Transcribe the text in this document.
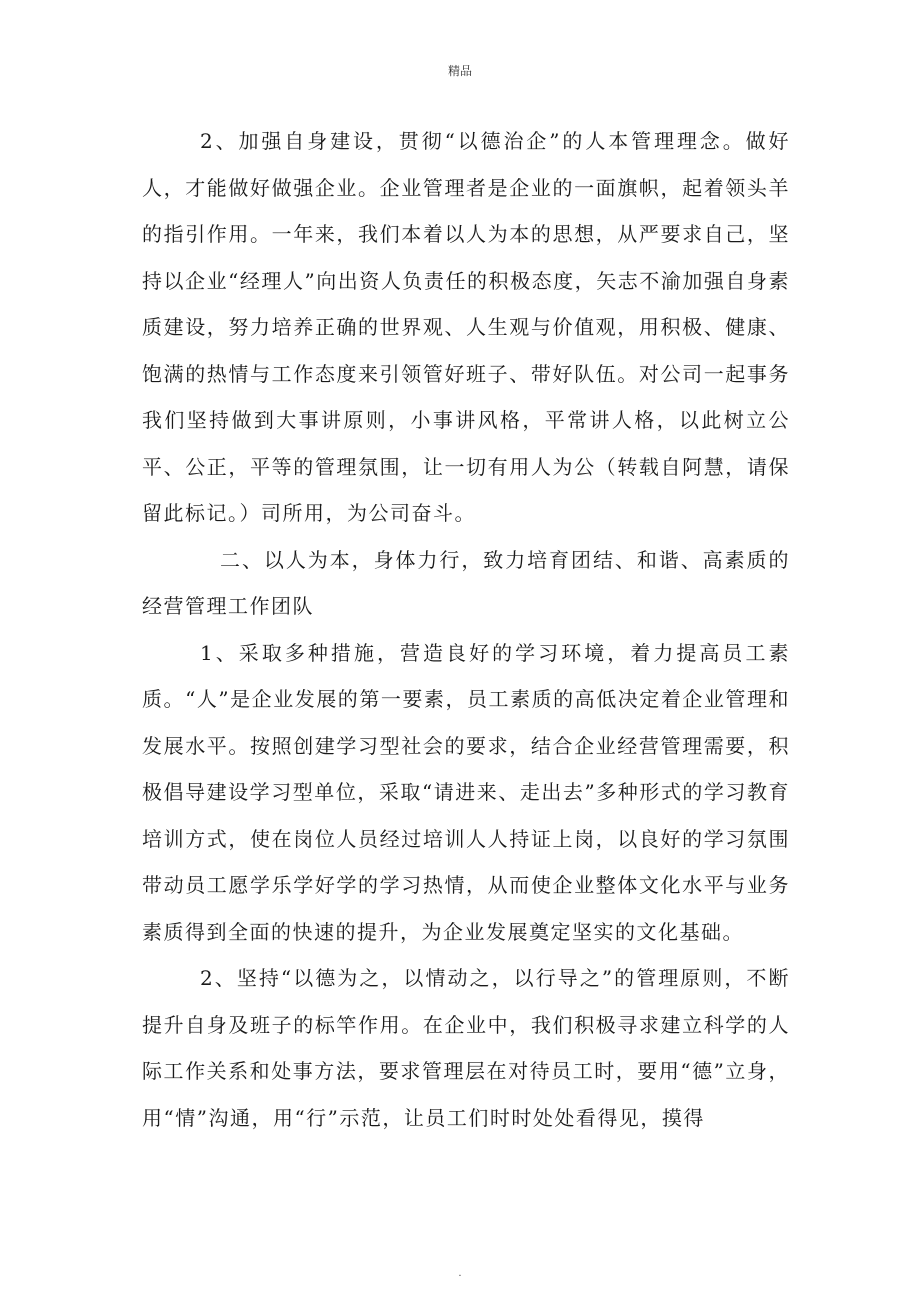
精品

2、加强自身建设，贯彻“以德治企”的人本管理理念。做好人，才能做好做强企业。企业管理者是企业的一面旗帜，起着领头羊的指引作用。一年来，我们本着以人为本的思想，从严要求自己，坚持以企业“经理人”向出资人负责任的积极态度，矢志不渝加强自身素质建设，努力培养正确的世界观、人生观与价值观，用积极、健康、饱满的热情与工作态度来引领管好班子、带好队伍。对公司一起事务我们坚持做到大事讲原则，小事讲风格，平常讲人格，以此树立公平、公正，平等的管理氛围，让一切有用人为公（转载自阿慧，请保留此标记。）司所用，为公司奋斗。

二、以人为本，身体力行，致力培育团结、和谐、高素质的经营管理工作团队

1、采取多种措施，营造良好的学习环境，着力提高员工素质。“人”是企业发展的第一要素，员工素质的高低决定着企业管理和发展水平。按照创建学习型社会的要求，结合企业经营管理需要，积极倡导建设学习型单位，采取“请进来、走出去”多种形式的学习教育培训方式，使在岗位人员经过培训人人持证上岗，以良好的学习氛围带动员工愿学乐学好学的学习热情，从而使企业整体文化水平与业务素质得到全面的快速的提升，为企业发展奠定坚实的文化基础。

2、坚持“以德为之，以情动之，以行导之”的管理原则，不断提升自身及班子的标竿作用。在企业中，我们积极寻求建立科学的人际工作关系和处事方法，要求管理层在对待员工时，要用“德”立身，用“情”沟通，用“行”示范，让员工们时时处处看得见，摸得

.
